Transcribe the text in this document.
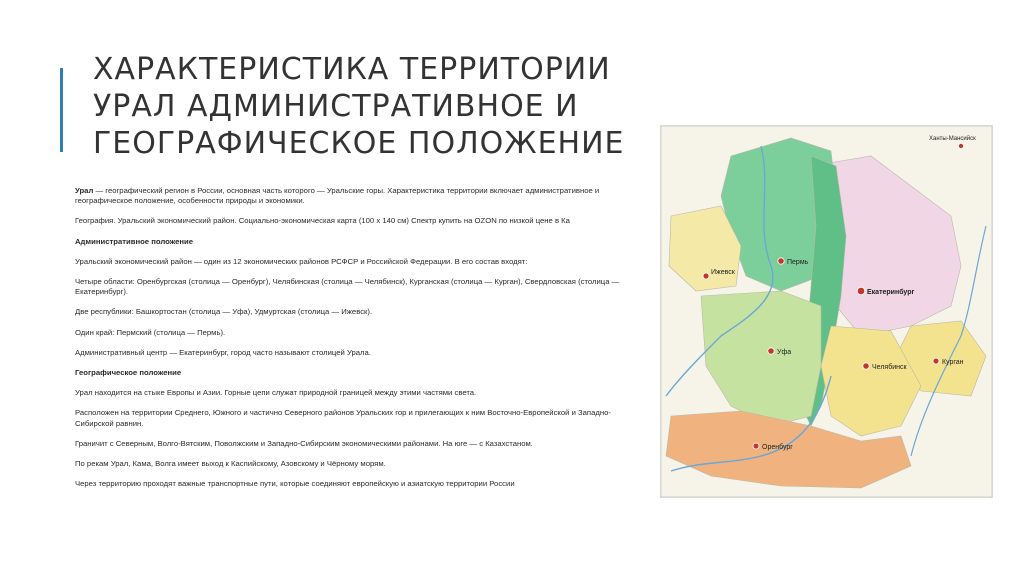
ХАРАКТЕРИСТИКА ТЕРРИТОРИИ
УРАЛ АДМИНИСТРАТИВНОЕ И
ГЕОГРАФИЧЕСКОЕ ПОЛОЖЕНИЕ

Урал — географический регион в России, основная часть которого — Уральские горы. Характеристика территории включает административное и географическое положение, особенности природы и экономики.

География. Уральский экономический район. Социально-экономическая карта (100 х 140 см) Спектр купить на OZON по низкой цене в Ка

Административное положение

Уральский экономический район — один из 12 экономических районов РСФСР и Российской Федерации. В его состав входят:

Четыре области: Оренбургская (столица — Оренбург), Челябинская (столица — Челябинск), Курганская (столица — Курган), Свердловская (столица — Екатеринбург).

Две республики: Башкортостан (столица — Уфа), Удмуртская (столица — Ижевск).

Один край: Пермский (столица — Пермь).

Административный центр — Екатеринбург, город часто называют столицей Урала.

Географическое положение

Урал находится на стыке Европы и Азии. Горные цепи служат природной границей между этими частями света.

Расположен на территории Среднего, Южного и частично Северного районов Уральских гор и прилегающих к ним Восточно-Европейской и Западно-Сибирской равнин.

Граничит с Северным, Волго-Вятским, Поволжским и Западно-Сибирским экономическими районами. На юге — с Казахстаном.

По рекам Урал, Кама, Волга имеет выход к Каспийскому, Азовскому и Чёрному морям.

Через территорию проходят важные транспортные пути, которые соединяют европейскую и азиатскую территории России

Пермь
Екатеринбург
Уфа
Челябинск
Ижевск
Оренбург
Курган
Ханты-Мансийск
